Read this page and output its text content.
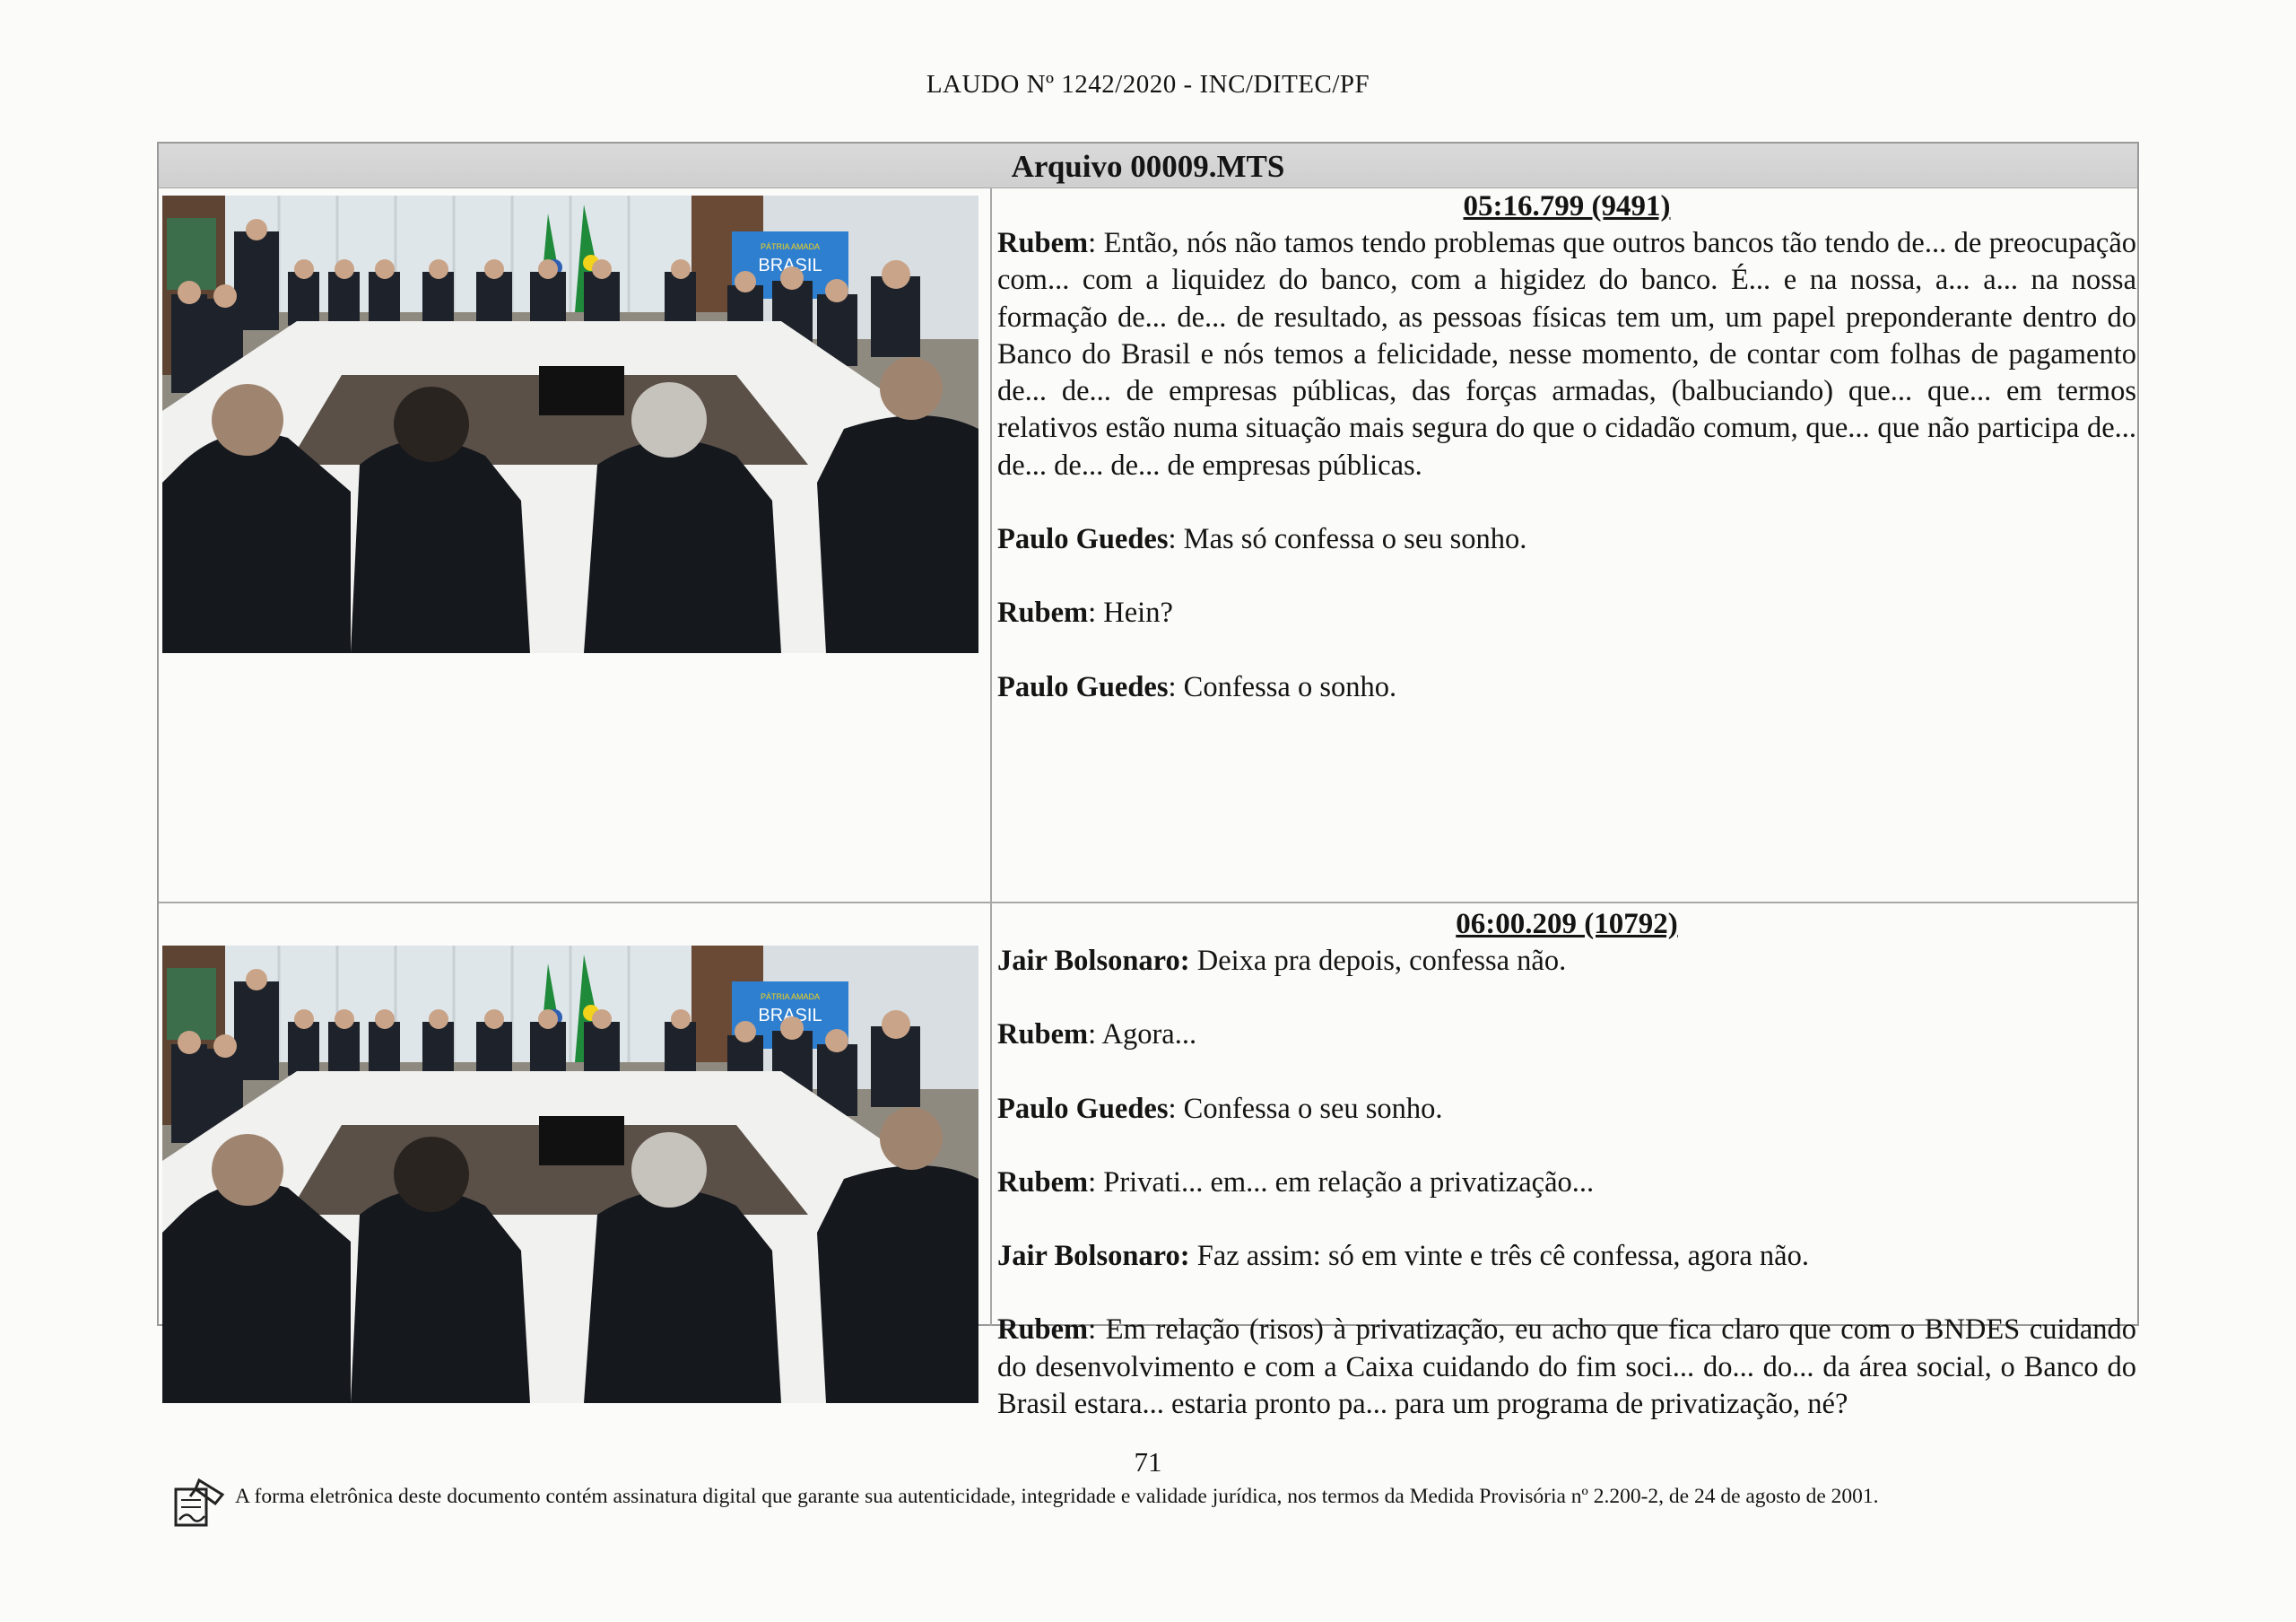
LAUDO Nº 1242/2020 - INC/DITEC/PF
Arquivo 00009.MTS
05:16.799 (9491)

Rubem: Então, nós não tamos tendo problemas que outros bancos tão tendo de... de preocupação com... com a liquidez do banco, com a higidez do banco. É... e na nossa, a... a... na nossa formação de... de... de resultado, as pessoas físicas tem um, um papel preponderante dentro do Banco do Brasil e nós temos a felicidade, nesse momento, de contar com folhas de pagamento de... de... de empresas públicas, das forças armadas, (balbuciando) que... que... em termos relativos estão numa situação mais segura do que o cidadão comum, que... que não participa de... de... de... de... de empresas públicas.

Paulo Guedes: Mas só confessa o seu sonho.

Rubem: Hein?

Paulo Guedes: Confessa o sonho.

06:00.209 (10792)

Jair Bolsonaro: Deixa pra depois, confessa não.

Rubem: Agora...

Paulo Guedes: Confessa o seu sonho.

Rubem: Privati... em... em relação a privatização...

Jair Bolsonaro: Faz assim: só em vinte e três cê confessa, agora não.

Rubem: Em relação (risos) à privatização, eu acho que fica claro que com o BNDES cuidando do desenvolvimento e com a Caixa cuidando do fim soci... do... do... da área social, o Banco do Brasil estara... estaria pronto pa... para um programa de privatização, né?

71
A forma eletrônica deste documento contém assinatura digital que garante sua autenticidade, integridade e validade jurídica, nos termos da Medida Provisória nº 2.200-2, de 24 de agosto de 2001.
